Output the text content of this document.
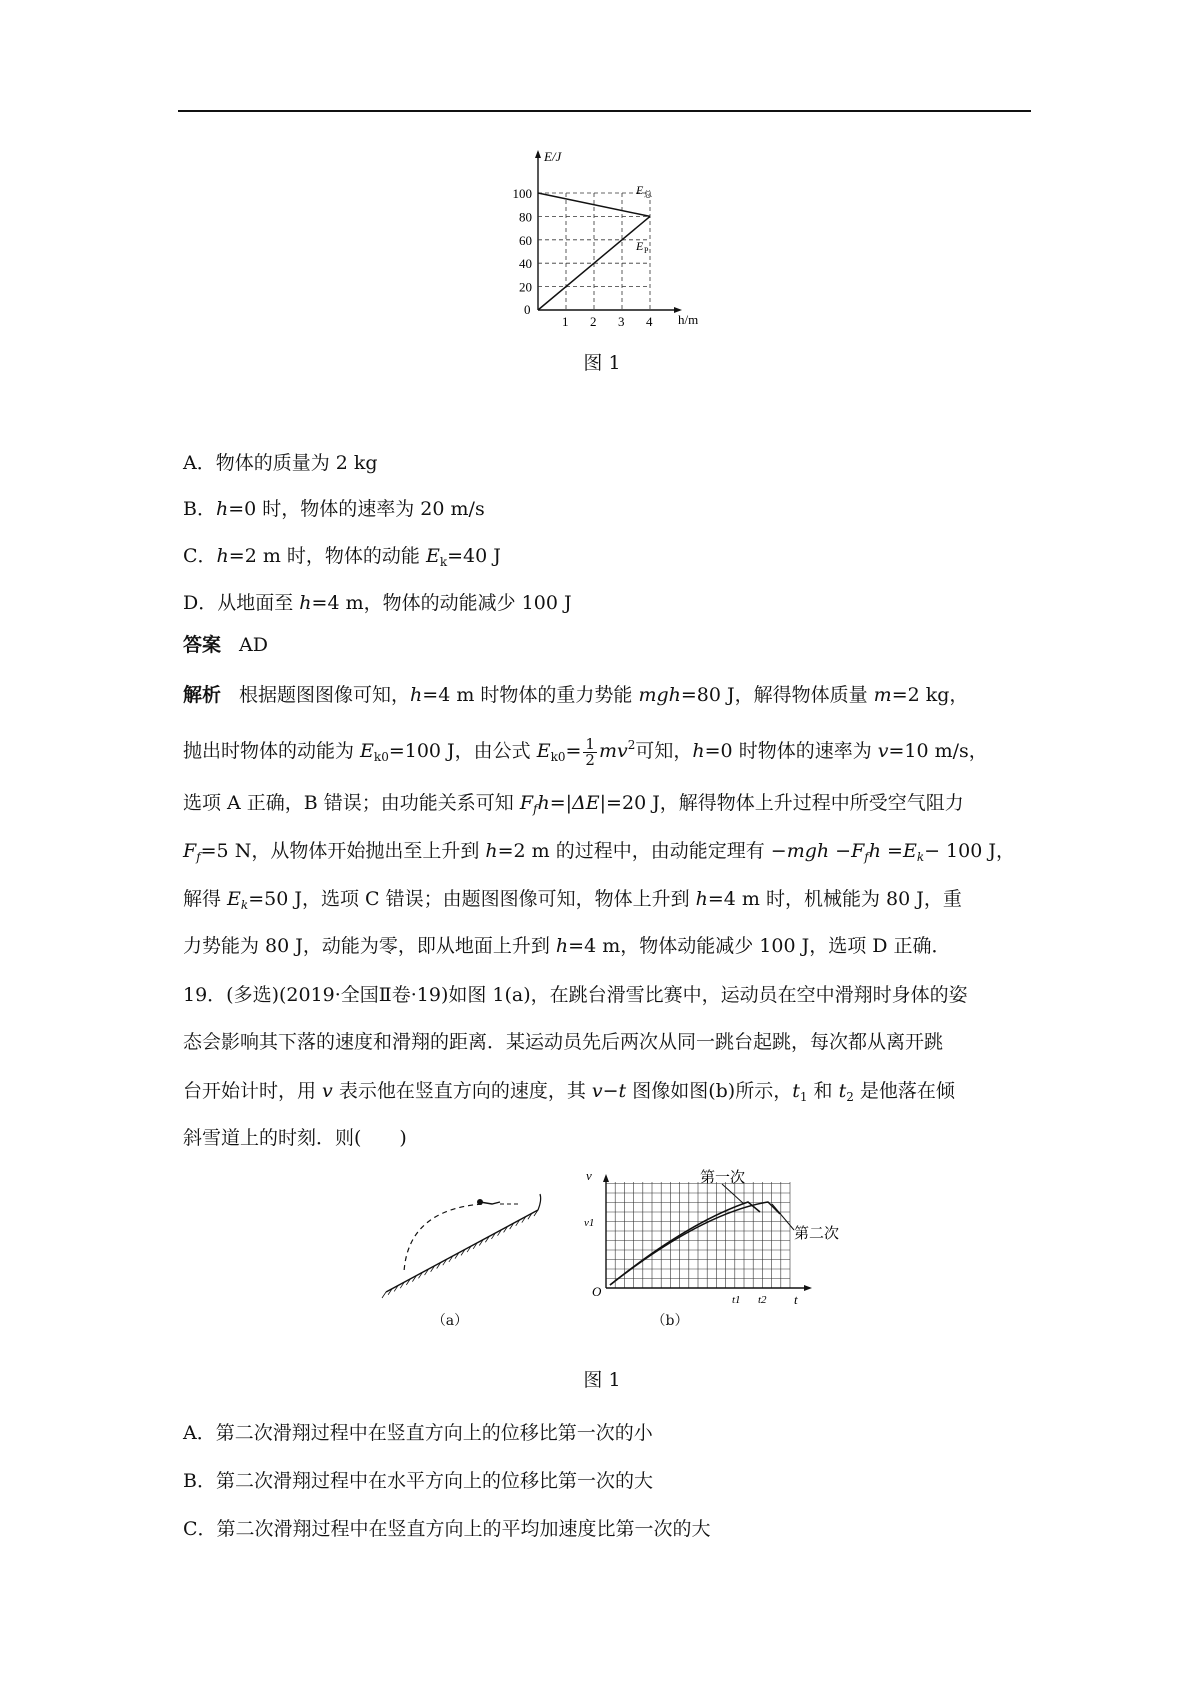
0
1 2 3 4
20
40
60
80
100
E/J
h/m
E 总
E P
图 1
A．物体的质量为 2 kg
B．h=0 时，物体的速率为 20 m/s
C．h=2 m 时，物体的动能 $E_k=40$ J
D．从地面至 h=4 m，物体的动能减少 100 J
答案 AD
解析 根据题图图像可知，h=4 m 时物体的重力势能 mgh=80 J，解得物体质量 m=2 kg，
抛出时物体的动能为 $E_{k0}=100$ J，由公式 $E_{k0}= \frac{1}{2} mv^2$可知，h=0 时物体的速率为 v=10 m/s，
选项 A 正确，B 错误；由功能关系可知 $F_fh=|\Delta E|=20$ J，解得物体上升过程中所受空气阻力
$F_f=5$ N，从物体开始抛出至上升到 h=2 m 的过程中，由动能定理有 $-mgh -F_fh =E_k- 100$ J，
解得 $E_k=50$ J，选项 C 错误；由题图图像可知，物体上升到 h=4 m 时，机械能为 80 J，重
力势能为 80 J，动能为零，即从地面上升到 h=4 m，物体动能减少 100 J，选项 D 正确．
19．(多选)(2019·全国Ⅱ卷·19)如图 1(a)，在跳台滑雪比赛中，运动员在空中滑翔时身体的姿
态会影响其下落的速度和滑翔的距离．某运动员先后两次从同一跳台起跳，每次都从离开跳
台开始计时，用 v 表示他在竖直方向的速度，其 v−t 图像如图(b)所示，$t_1$ 和 $t_2$ 是他落在倾
斜雪道上的时刻．则(　　)
（a）
第一次
第二次
v
v1
O
t
t1 t2
（b）
图 1
A．第二次滑翔过程中在竖直方向上的位移比第一次的小
B．第二次滑翔过程中在水平方向上的位移比第一次的大
C．第二次滑翔过程中在竖直方向上的平均加速度比第一次的大
